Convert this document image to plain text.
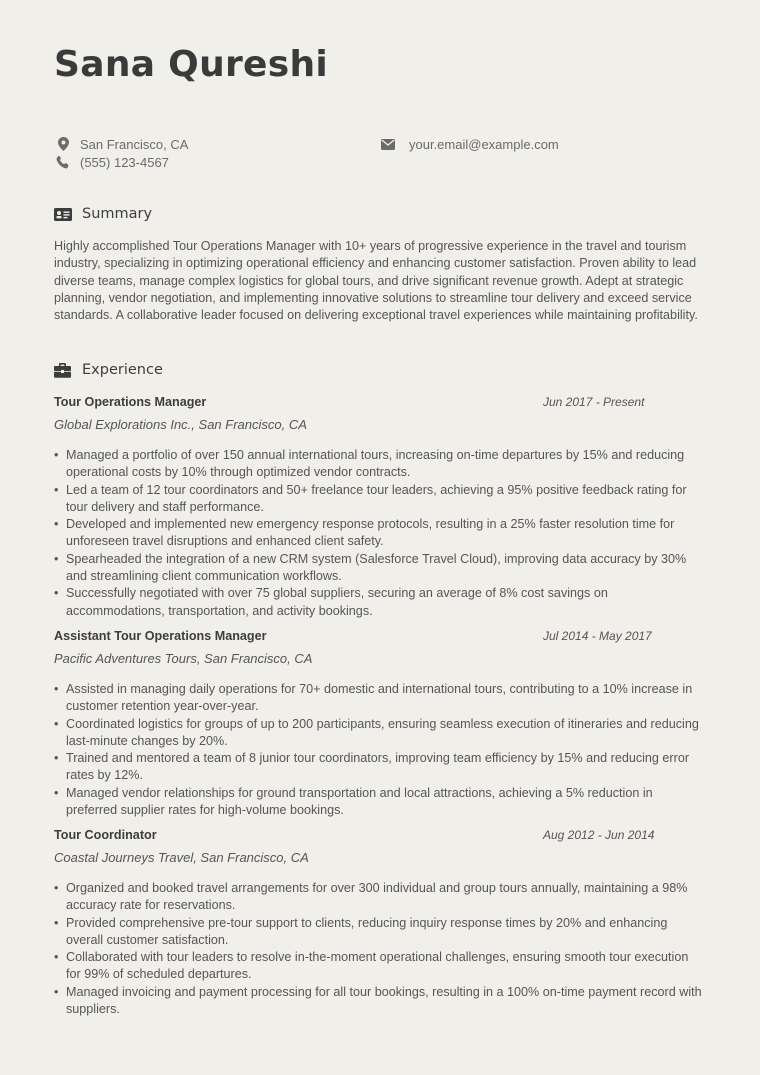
Sana Qureshi
San Francisco, CA
(555) 123-4567
your.email@example.com
Summary

Highly accomplished Tour Operations Manager with 10+ years of progressive experience in the travel and tourism industry, specializing in optimizing operational efficiency and enhancing customer satisfaction. Proven ability to lead diverse teams, manage complex logistics for global tours, and drive significant revenue growth. Adept at strategic planning, vendor negotiation, and implementing innovative solutions to streamline tour delivery and exceed service standards. A collaborative leader focused on delivering exceptional travel experiences while maintaining profitability.

Experience
Tour Operations Manager	Jun 2017 - Present
Global Explorations Inc., San Francisco, CA
• Managed a portfolio of over 150 annual international tours, increasing on-time departures by 15% and reducing operational costs by 10% through optimized vendor contracts.
• Led a team of 12 tour coordinators and 50+ freelance tour leaders, achieving a 95% positive feedback rating for tour delivery and staff performance.
• Developed and implemented new emergency response protocols, resulting in a 25% faster resolution time for unforeseen travel disruptions and enhanced client safety.
• Spearheaded the integration of a new CRM system (Salesforce Travel Cloud), improving data accuracy by 30% and streamlining client communication workflows.
• Successfully negotiated with over 75 global suppliers, securing an average of 8% cost savings on accommodations, transportation, and activity bookings.
Assistant Tour Operations Manager	Jul 2014 - May 2017
Pacific Adventures Tours, San Francisco, CA
• Assisted in managing daily operations for 70+ domestic and international tours, contributing to a 10% increase in customer retention year-over-year.
• Coordinated logistics for groups of up to 200 participants, ensuring seamless execution of itineraries and reducing last-minute changes by 20%.
• Trained and mentored a team of 8 junior tour coordinators, improving team efficiency by 15% and reducing error rates by 12%.
• Managed vendor relationships for ground transportation and local attractions, achieving a 5% reduction in preferred supplier rates for high-volume bookings.
Tour Coordinator	Aug 2012 - Jun 2014
Coastal Journeys Travel, San Francisco, CA
• Organized and booked travel arrangements for over 300 individual and group tours annually, maintaining a 98% accuracy rate for reservations.
• Provided comprehensive pre-tour support to clients, reducing inquiry response times by 20% and enhancing overall customer satisfaction.
• Collaborated with tour leaders to resolve in-the-moment operational challenges, ensuring smooth tour execution for 99% of scheduled departures.
• Managed invoicing and payment processing for all tour bookings, resulting in a 100% on-time payment record with suppliers.
